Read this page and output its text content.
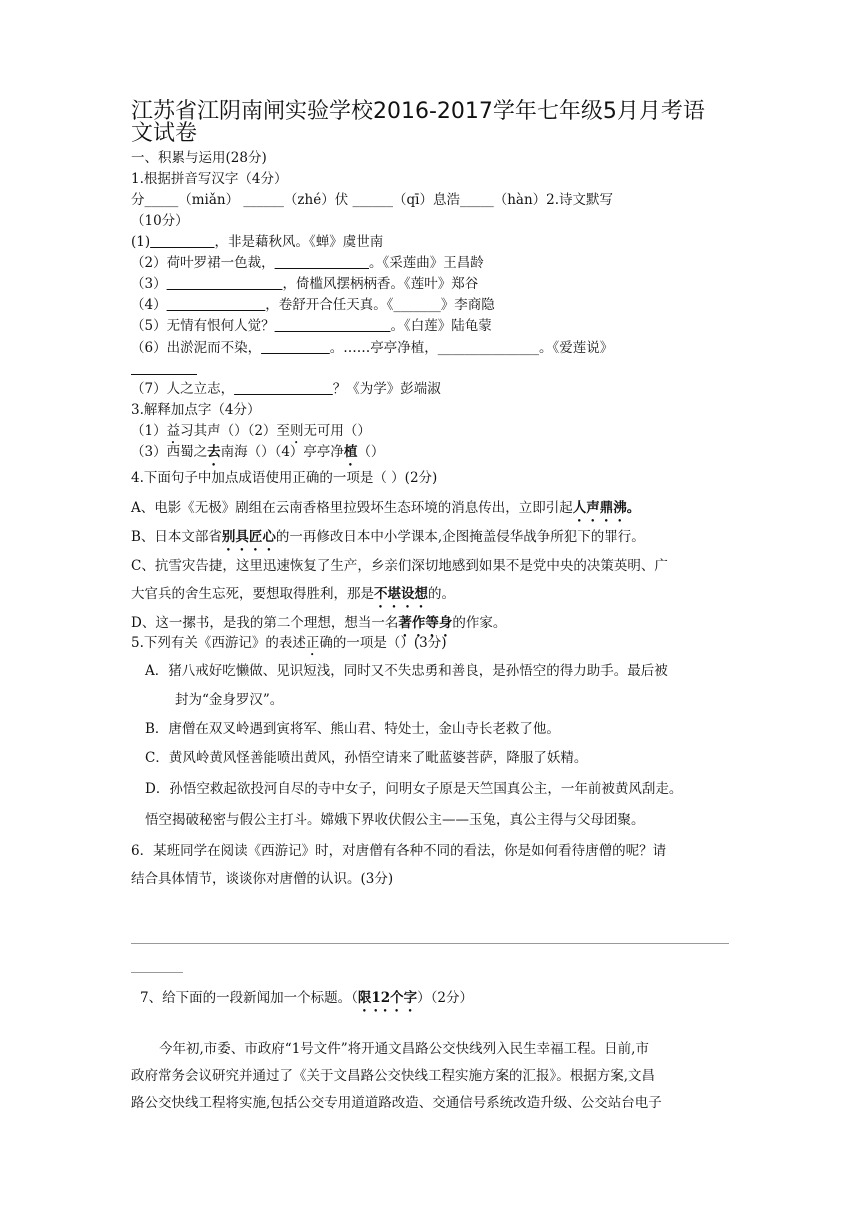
江苏省江阴南闸实验学校2016-2017学年七年级5月月考语
文试卷
一、积累与运用(28分)
1.根据拼音写汉字（4分）
分_____（miǎn） ______（zhé）伏 ______（qī）息浩_____（hàn）2.诗文默写
（10分）
(1)	，非是藉秋风。《蝉》虞世南
（2）荷叶罗裙一色裁，	。《采莲曲》王昌龄
（3）	，倚槛风摆柄柄香。《莲叶》郑谷
（4）	，卷舒开合任天真。《_______》李商隐
（5）无情有恨何人觉？	。《白莲》陆龟蒙
（6）出淤泥而不染，	。……亭亭净植，_______________。《爱莲说》
（7）人之立志，	？《为学》彭端淑
3.解释加点字（4分）
（1）益习其声（）（2）至则无可用（）
（3）西蜀之去南海（）（4）亭亭净植（）
4.下面句子中加点成语使用正确的一项是（ ）(2分)
A、电影《无极》剧组在云南香格里拉毁坏生态环境的消息传出，立即引起人声鼎沸。
B、日本文部省别具匠心的一再修改日本中小学课本,企图掩盖侵华战争所犯下的罪行。
C、抗雪灾告捷，这里迅速恢复了生产，乡亲们深切地感到如果不是党中央的决策英明、广
大官兵的舍生忘死，要想取得胜利，那是不堪设想的。
D、这一摞书，是我的第二个理想，想当一名著作等身的作家。
5.下列有关《西游记》的表述正确的一项是（）(3分)
A．猪八戒好吃懒做、见识短浅，同时又不失忠勇和善良，是孙悟空的得力助手。最后被
封为“金身罗汉”。
B．唐僧在双叉岭遇到寅将军、熊山君、特处士，金山寺长老救了他。
C．黄风岭黄风怪善能喷出黄风，孙悟空请来了毗蓝婆菩萨，降服了妖精。
D．孙悟空救起欲投河自尽的寺中女子，问明女子原是天竺国真公主，一年前被黄风刮走。
悟空揭破秘密与假公主打斗。嫦娥下界收伏假公主——玉兔，真公主得与父母团聚。
6．某班同学在阅读《西游记》时，对唐僧有各种不同的看法，你是如何看待唐僧的呢？请
结合具体情节，谈谈你对唐僧的认识。(3分)
7、给下面的一段新闻加一个标题。（限12个字）（2分）
今年初,市委、市政府“1号文件”将开通文昌路公交快线列入民生幸福工程。日前,市
政府常务会议研究并通过了《关于文昌路公交快线工程实施方案的汇报》。根据方案,文昌
路公交快线工程将实施,包括公交专用道道路改造、交通信号系统改造升级、公交站台电子
